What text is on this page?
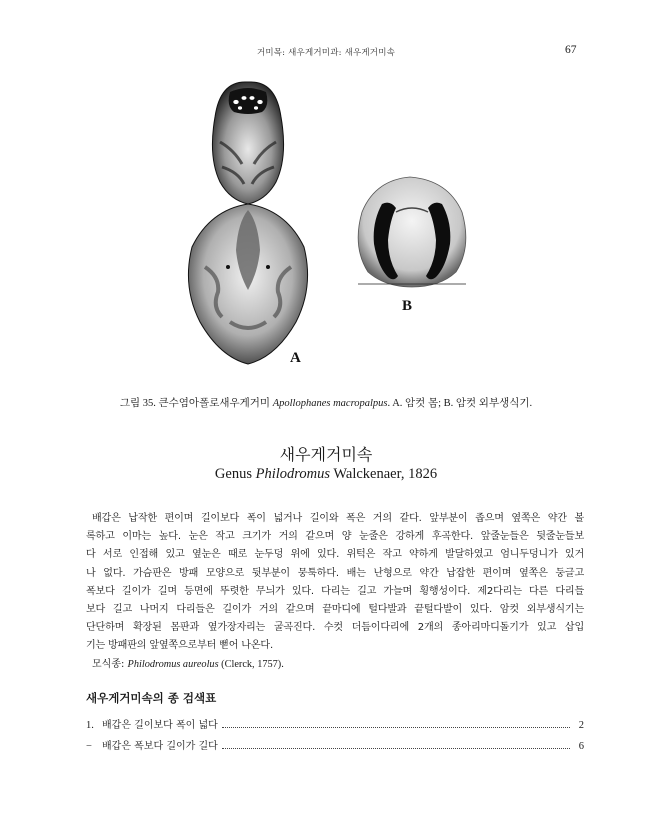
거미목: 새우게거미과: 새우게거미속	67
A
B
그림 35. 큰수염아폴로새우게거미 Apollophanes macropalpus. A. 암컷 몸; B. 암컷 외부생식기.
새우게거미속
Genus Philodromus Walckenaer, 1826
배갑은 납작한 편이며 길이보다 폭이 넓거나 길이와 폭은 거의 같다. 앞부분이 좁으며 옆쪽은 약간 볼
록하고 이마는 높다. 눈은 작고 크기가 거의 같으며 양 눈줄은 강하게 후곡한다. 앞줄눈들은 뒷줄눈들보
다 서로 인접해 있고 옆눈은 때로 눈두덩 위에 있다. 위턱은 작고 약하게 발달하였고 엄니두덩니가 있거
나 없다. 가슴판은 방패 모양으로 뒷부분이 뭉툭하다. 배는 난형으로 약간 납잡한 편이며 옆쪽은 둥글고
폭보다 길이가 길며 등면에 뚜렷한 무늬가 있다. 다리는 길고 가늘며 횡행성이다. 제2다리는 다른 다리들
보다 길고 나머지 다리들은 길이가 거의 같으며 끝마디에 털다발과 끝털다발이 있다. 암컷 외부생식기는
단단하며 확장된 몸판과 옆가장자리는 굴곡진다. 수컷 더듬이다리에 2개의 종아리마디돌기가 있고 삽입
기는 방패판의 앞옆쪽으로부터 뻗어 나온다.
모식종: Philodromus aureolus (Clerck, 1757).
새우게거미속의 종 검색표
1. 배갑은 길이보다 폭이 넓다	2
−	배갑은 폭보다 길이가 길다	6
